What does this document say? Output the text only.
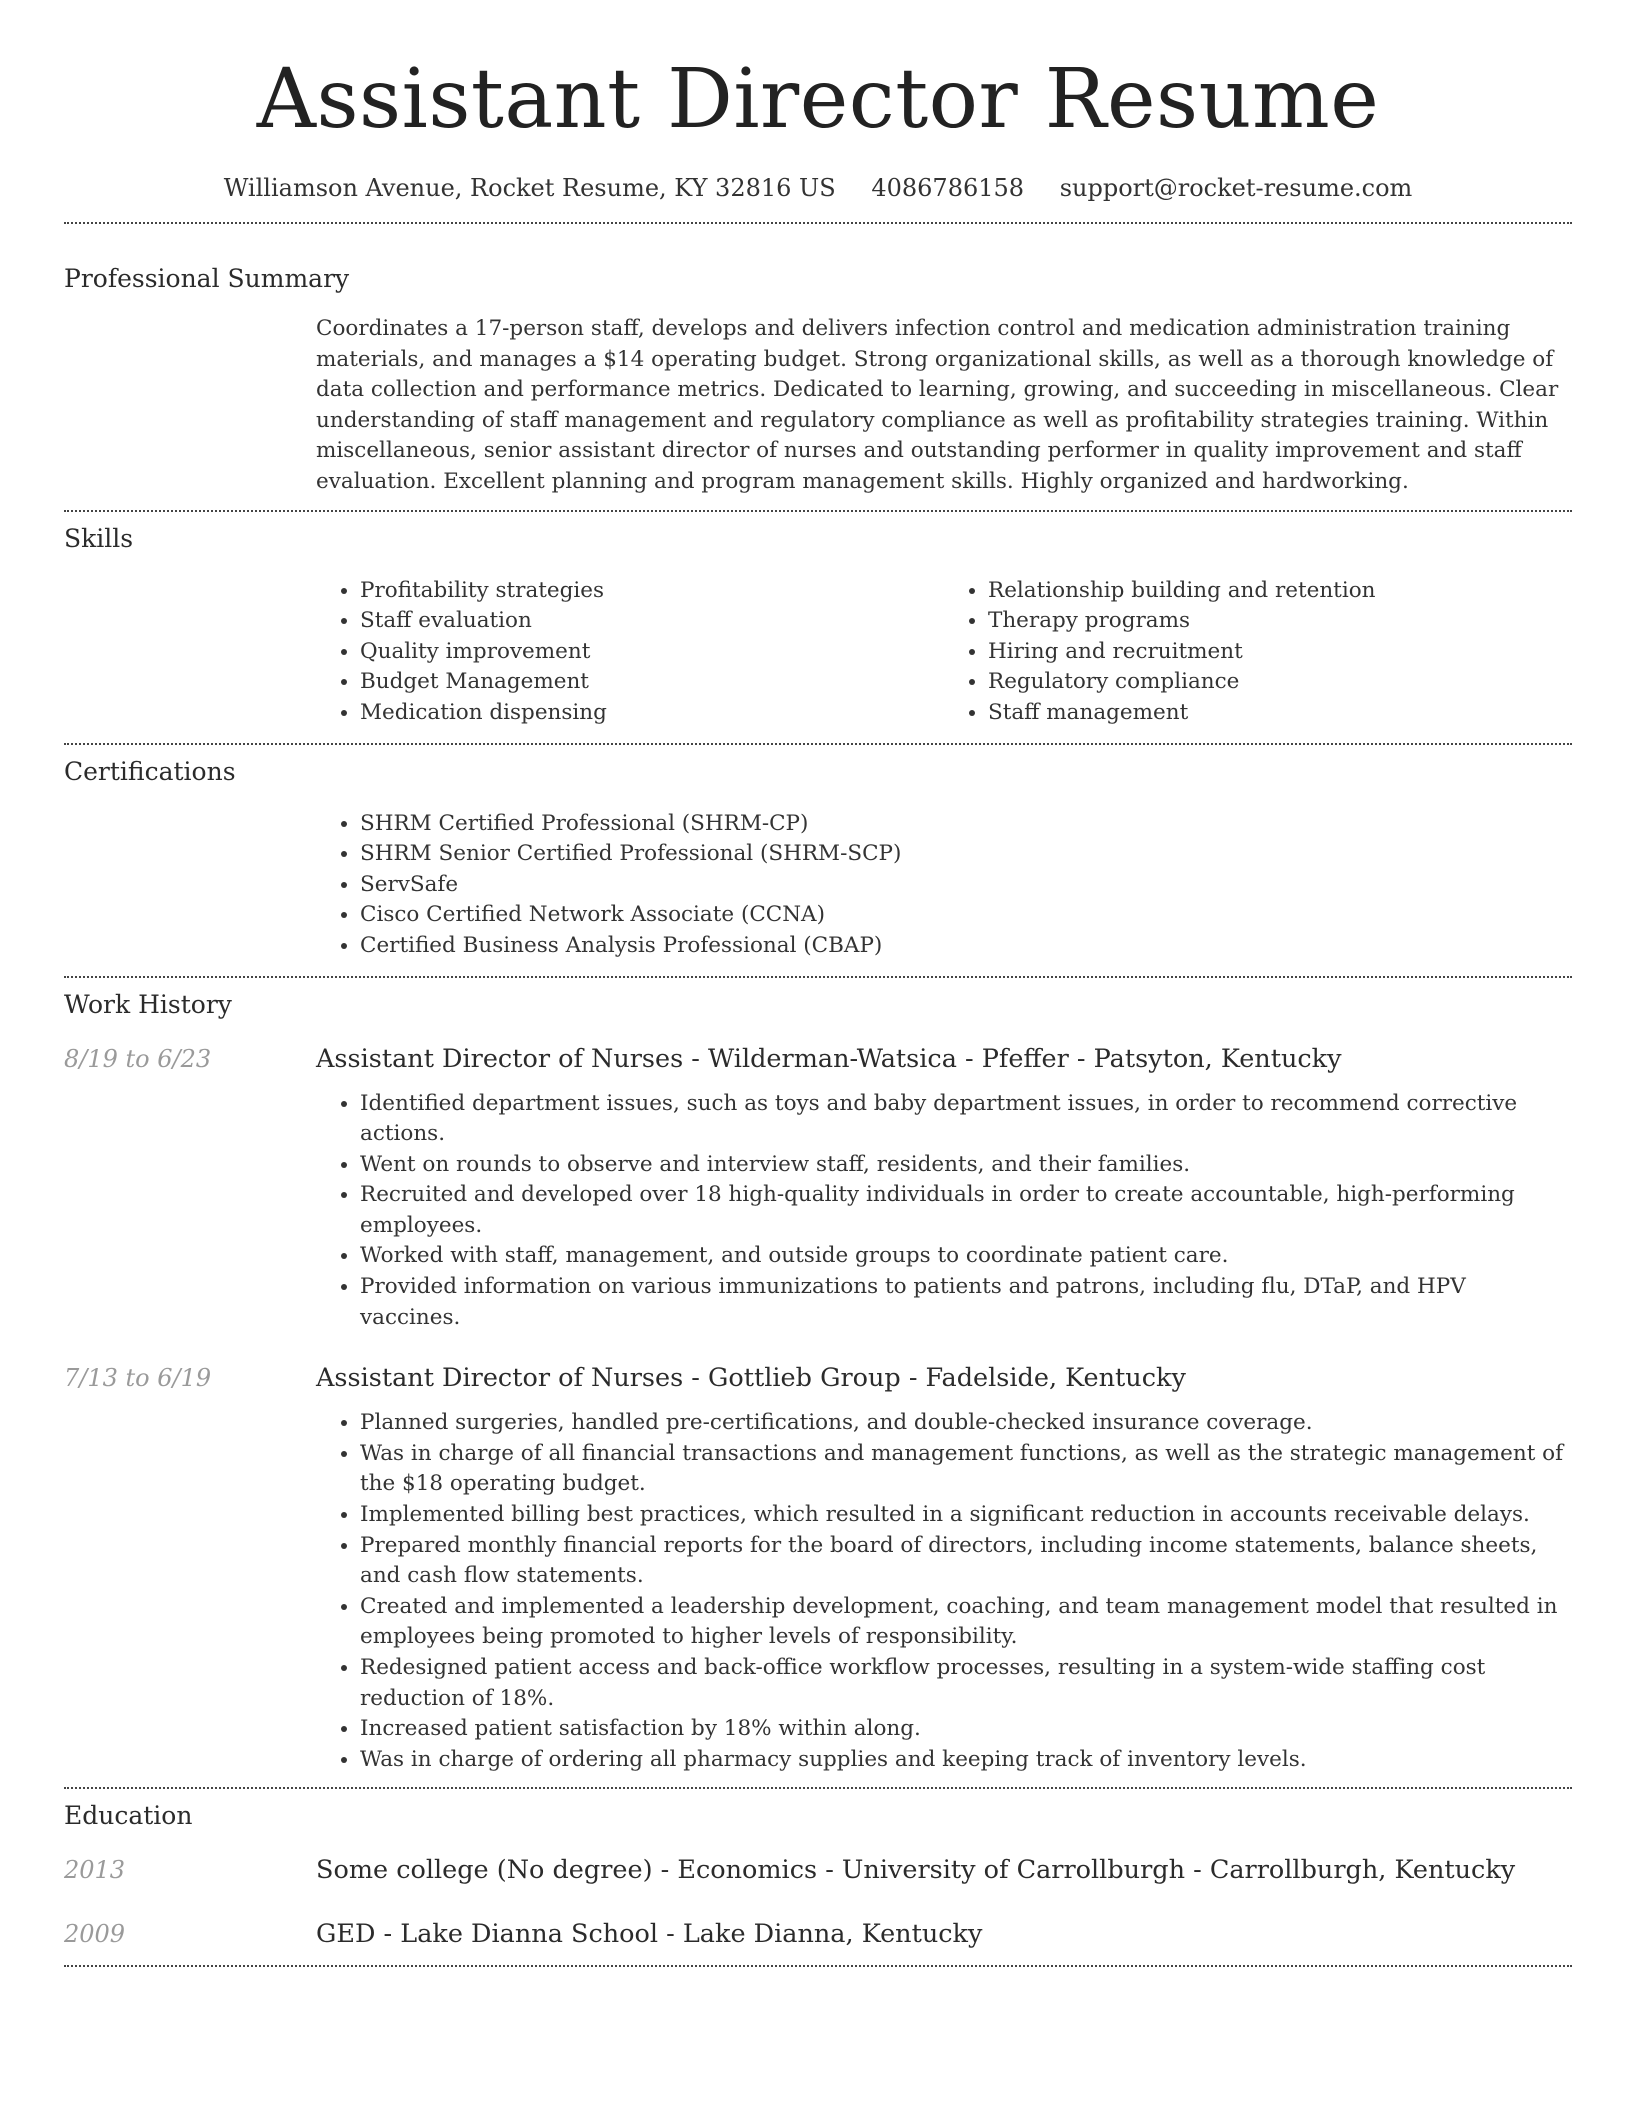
Assistant Director Resume
Williamson Avenue, Rocket Resume, KY 32816 US 4086786158 support@rocket-resume.com
Professional Summary

Coordinates a 17-person staff, develops and delivers infection control and medication administration training materials, and manages a $14 operating budget. Strong organizational skills, as well as a thorough knowledge of data collection and performance metrics. Dedicated to learning, growing, and succeeding in miscellaneous. Clear understanding of staff management and regulatory compliance as well as profitability strategies training. Within miscellaneous, senior assistant director of nurses and outstanding performer in quality improvement and staff evaluation. Excellent planning and program management skills. Highly organized and hardworking.

Skills
• Profitability strategies
• Staff evaluation
• Quality improvement
• Budget Management
• Medication dispensing
• Relationship building and retention
• Therapy programs
• Hiring and recruitment
• Regulatory compliance
• Staff management
Certifications
• SHRM Certified Professional (SHRM-CP)
• SHRM Senior Certified Professional (SHRM-SCP)
• ServSafe
• Cisco Certified Network Associate (CCNA)
• Certified Business Analysis Professional (CBAP)
Work History
8/19 to 6/23	Assistant Director of Nurses - Wilderman-Watsica - Pfeffer - Patsyton, Kentucky
• Identified department issues, such as toys and baby department issues, in order to recommend corrective actions.
• Went on rounds to observe and interview staff, residents, and their families.
• Recruited and developed over 18 high-quality individuals in order to create accountable, high-performing employees.
• Worked with staff, management, and outside groups to coordinate patient care.
• Provided information on various immunizations to patients and patrons, including flu, DTaP, and HPV vaccines.
7/13 to 6/19	Assistant Director of Nurses - Gottlieb Group - Fadelside, Kentucky
• Planned surgeries, handled pre-certifications, and double-checked insurance coverage.
• Was in charge of all financial transactions and management functions, as well as the strategic management of the $18 operating budget.
• Implemented billing best practices, which resulted in a significant reduction in accounts receivable delays.
• Prepared monthly financial reports for the board of directors, including income statements, balance sheets, and cash flow statements.
• Created and implemented a leadership development, coaching, and team management model that resulted in employees being promoted to higher levels of responsibility.
• Redesigned patient access and back-office workflow processes, resulting in a system-wide staffing cost reduction of 18%.
• Increased patient satisfaction by 18% within along.
• Was in charge of ordering all pharmacy supplies and keeping track of inventory levels.
Education
2013	Some college (No degree) - Economics - University of Carrollburgh - Carrollburgh, Kentucky
2009	GED - Lake Dianna School - Lake Dianna, Kentucky
